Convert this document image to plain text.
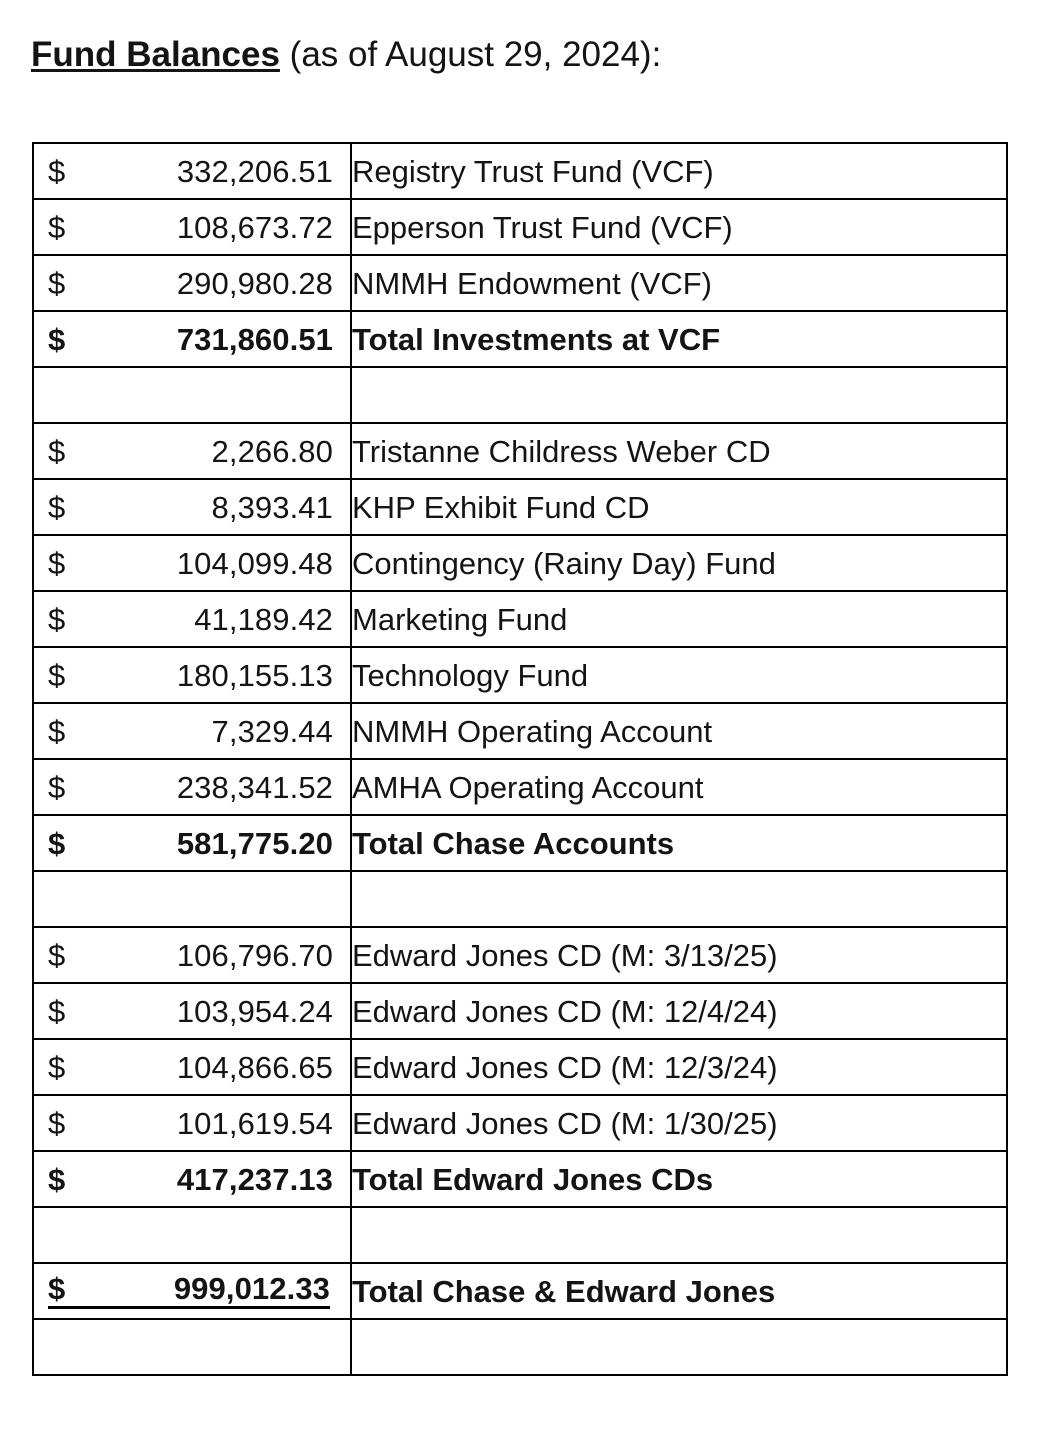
Fund Balances (as of August 29, 2024):
$ 332,206.51	Registry Trust Fund (VCF)

$ 108,673.72	Epperson Trust Fund (VCF)

$ 290,980.28	NMMH Endowment (VCF)

$ 731,860.51	Total Investments at VCF

$ 2,266.80	Tristanne Childress Weber CD

$ 8,393.41	KHP Exhibit Fund CD

$ 104,099.48	Contingency (Rainy Day) Fund

$ 41,189.42	Marketing Fund

$ 180,155.13	Technology Fund

$ 7,329.44	NMMH Operating Account

$ 238,341.52	AMHA Operating Account

$ 581,775.20	Total Chase Accounts

$ 106,796.70	Edward Jones CD (M: 3/13/25)

$ 103,954.24	Edward Jones CD (M: 12/4/24)

$ 104,866.65	Edward Jones CD (M: 12/3/24)

$ 101,619.54	Edward Jones CD (M: 1/30/25)

$ 417,237.13	Total Edward Jones CDs

$ 999,012.33	Total Chase & Edward Jones
